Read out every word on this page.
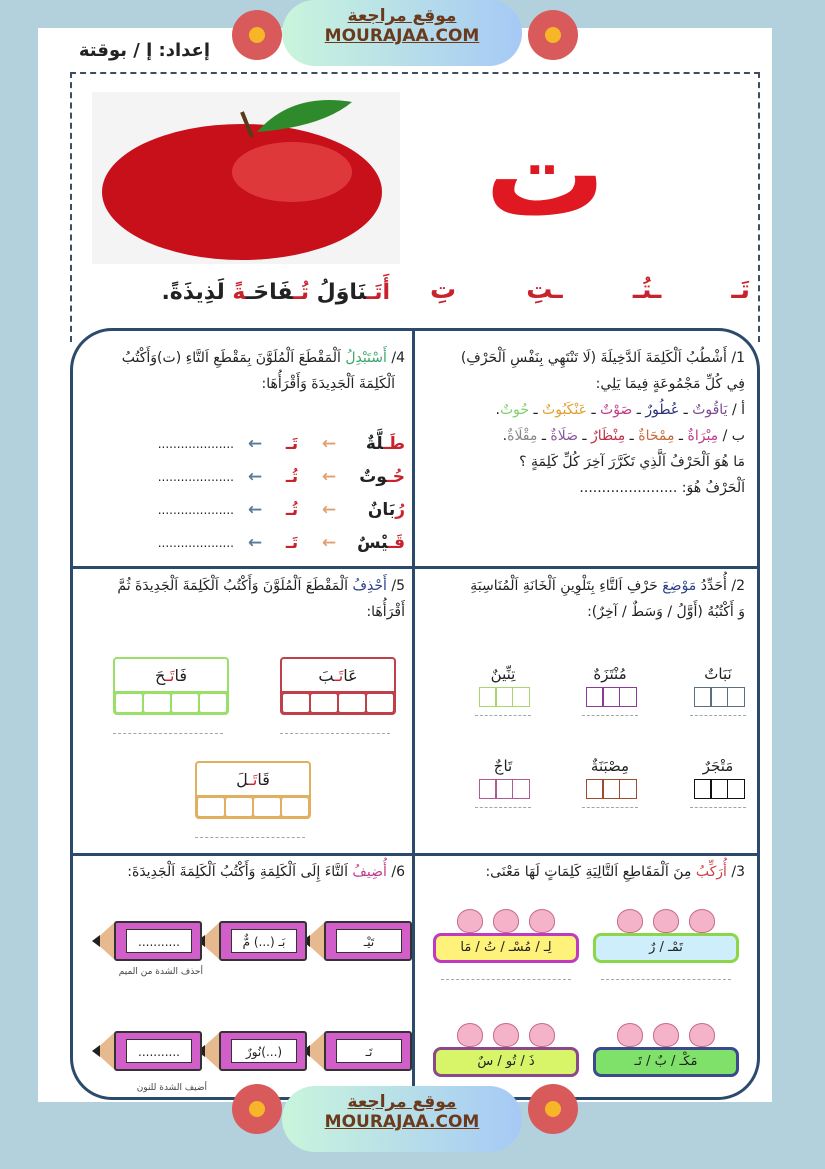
موقع مراجعة
MOURAJAA.COM
إعداد: إ / بوقتة
ت
تَـ
ـتُـ
ـتِ
تِ
أَتَـنَاوَلُ تُـفَاحَـةً لَذِيذَةً.
1/ أَشْطُبُ اَلْكَلِمَةَ اَلدَّخِيلَةَ (لَا تَنْتَهِي بِنَفْسِ اَلْحَرْفِ)
فِي كُلِّ مَجْمُوعَةٍ فِيمَا يَلِي:
أ / يَاقُوتٌ ـ عُطُورٌ ـ صَوْتٌ ـ عَنْكَبُوتٌ ـ حُوتٌ.
ب / مِبْرَاةٌ ـ مِمْحَاةٌ ـ مِنْظَارٌ ـ صَلَاةٌ ـ مِقْلَاةٌ.
مَا هُوَ اَلْحَرْفُ اَلَّذِي تَكَرَّرَ آخِرَ كُلِّ كَلِمَةٍ ؟
اَلْحَرْفُ هُوَ: ......................
4/ أَسْتَبْدِلُ اَلْمَقْطَعَ اَلْمُلَوَّنَ بِمَقْطَعِ اَلتَّاءِ (ت)وَأَكْتُبُ
اَلْكَلِمَةَ اَلْجَدِيدَةَ وَأَقْرَأُهَا:
طَـلَّةٌ
←
تَـ
←
....................
حُـوتٌ
←
تُـ
←
....................
رُبَانٌ
←
تُـ
←
....................
قَـيْسٌ
←
تَـ
←
....................
2/ أُحَدِّدُ مَوْضِعَ حَرْفِ اَلتَّاءِ بِتَلْوِينِ اَلْخَانَةِ اَلْمُنَاسِبَةِ
وَ أَكْتُبُهُ (أَوَّلُ / وَسَطٌ / آخِرٌ):
5/ أَحْذِفُ اَلْمَقْطَعَ اَلْمُلَوَّنَ وَأَكْتُبُ اَلْكَلِمَةَ اَلْجَدِيدَةَ ثُمَّ
أَقْرَأُهَا:
3/ أُرَكِّبُ مِنَ اَلْمَقَاطِعِ اَلتَّالِيَةِ كَلِمَاتٍ لَهَا مَعْنَى:
6/ أُضِيفُ اَلتَّاءَ إِلَى اَلْكَلِمَةِ وَأَكْتُبُ اَلْكَلِمَةَ اَلْجَدِيدَةَ:
أحذف الشدة من الميم
أضيف الشدة للنون
نَبَاتٌ
مُنْتَزَهٌ
تِنِّينٌ
مَتْجَرٌ
مِصْبَنَةٌ
تَاجٌ
عَاتَـبَ
فَاتَـحَ
قَاتَـلَ
تَمْـ / رٌ
لِـ / مُسْـ / تُ / مَا
مَكْـ / بٌ / تَـ
ذَ / تُو / سٌ
تَيْـ
بَـ (...) مٌّ
...........
تَـ
(...)نُورٌ
...........
موقع مراجعة
MOURAJAA.COM
